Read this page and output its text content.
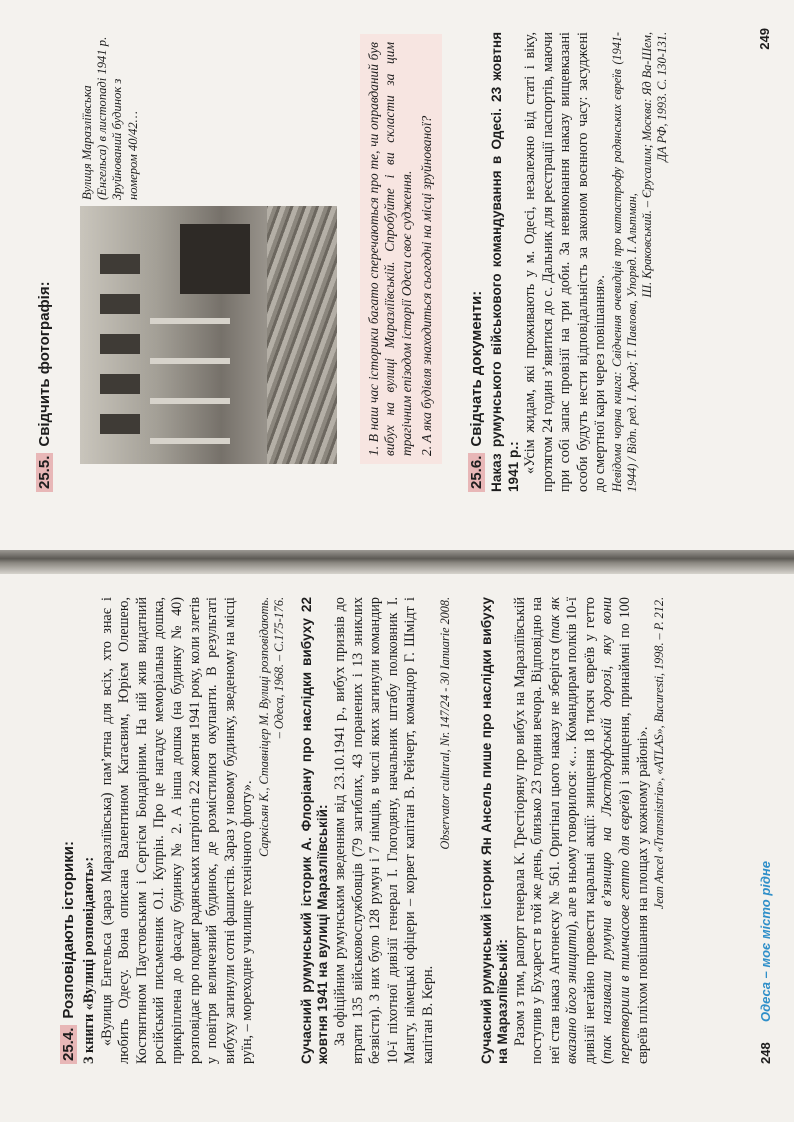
25.4.Розповідають історики: З книги «Вулиці розповідають»: «Вулиця Енгельса (зараз Маразліївська) пам’ятна для всіх, хто знає і любить Одесу. Вона описана Валентином Катаєвим, Юрієм Олешею, Костянтином Паустовським і Сергієм Бондаріним. На ній жив видатний російський письменник О.І. Купрін. Про це нагадує меморіальна дошка, прикріплена до фасаду будинку № 2. А інша дошка (на будинку № 40) розповідає про подвиг радянських патріотів 22 жовтня 1941 року, коли злетів у повітря величезний будинок, де розмістилися окупанти. В результаті вибуху загинули сотні фашистів. Зараз у новому будинку, зведеному на місці руїн, – мореходне училище технічного флоту».

Саркісьян К., Ставніцер М. Вулиці розповідають. – Одеса, 1968. – С.175-176. Сучасний румунський історик А. Флоріану про наслідки вибуху 22 жовтня 1941 на вулиці Маразліївській: За офіційним румунським зведенням від 23.10.1941 р., вибух призвів до втрати 135 військовослужбовців (79 загиблих, 43 поранених і 13 зниклих безвісти). З них було 128 румун і 7 німців, в числі яких загинули командир 10-ї піхотної дивізії генерал І. Глогодяну, начальник штабу полковник І. Мангу, німецькі офіцери – корвет капітан В. Рейчерт, командор Г. Шмідт і капітан В. Керн.

Observator cultural, Nr. 147/24 - 30 Ianuarie 2008. Сучасний румунський історик Ян Ансель пише про наслідки вибуху на Маразліївській: Разом з тим, рапорт генерала К. Трестіоряну про вибух на Маразліївській поступив у Бухарест в той же день, близько 23 години вечора. Відповідно на неї став наказ Антонеску № 561. Оригінал цього наказу не зберігся (так як вказано його знищити), але в ньому говорилося: «… Командирам полків 10-ї дивізії негайно провести каральні акції: знищення 18 тисяч євреїв у гетто (так називали румуни в’язницю на Люстдорфській дорозі, яку вони перетворили в тимчасове гетто для євреїв) і знищення, принаймні по 100 євреїв пліхом повішання на площах у кожному районі». Jean Ancel «Transnistria», «ATLAS», Bucuresti, 1998. – P. 212.

248
Одеса – моє місто рідне
25.5.Свідчить фотографія:

Вулиця Маразліївська (Енгельса) в листопаді 1941 р. Зруйнований будинок з номером 40/42…	1. В наш час історики багато сперечаються про те, чи оправданий був вибух на вулиці Маразліївській. Спробуйте і ви скласти за цим трагічним епізодом історії Одеси своє судження. 2. А яка будівля знаходиться сьогодні на місці зруйнованої?

25.6.Свідчать документи: Наказ румунського військового командування в Одесі. 23 жовтня 1941 р.: «Усім жидам, які проживають у м. Одесі, незалежно від статі і віку, протягом 24 годин з’явитися до с. Дальник для реєстрації паспортів, маючи при собі запас провізії на три доби. За невиконання наказу вищевказані особи будуть нести відповідальність за законом воєнного часу: засуджені до смертної кари через повішання». Невідома чорна книга: Свідчення очевидців про катастрофу радянських євреїв (1941-1944) / Відп. ред. І. Арад; Т. Павлова, Упоряд. І. Альтман,

Ш. Краковський. – Єрусалим; Москва: Яд Ва-Шем, ДА РФ, 1993. С. 130-131.	249
